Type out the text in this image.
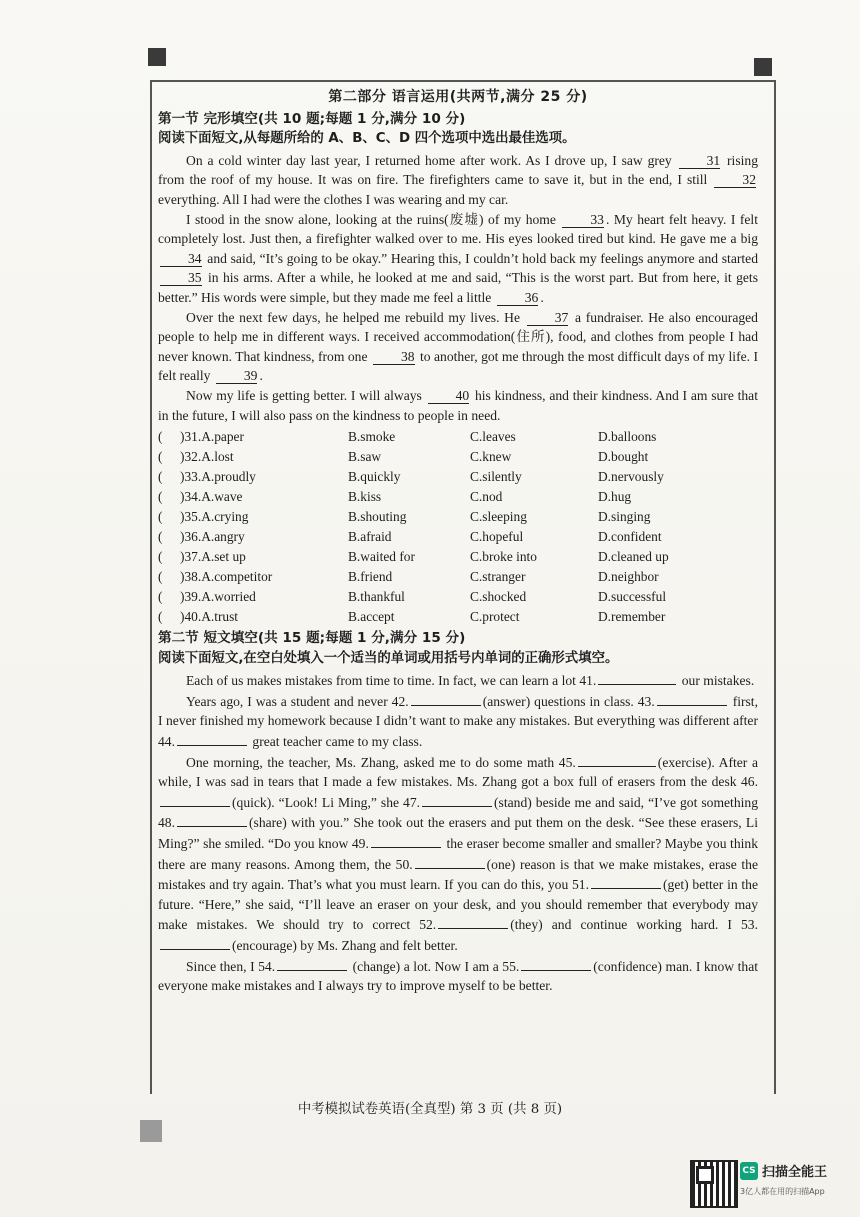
第二部分 语言运用(共两节,满分 25 分)
第一节 完形填空(共 10 题;每题 1 分,满分 10 分)
阅读下面短文,从每题所给的 A、B、C、D 四个选项中选出最佳选项。

On a cold winter day last year, I returned home after work. As I drove up, I saw grey 31 rising from the roof of my house. It was on fire. The firefighters came to save it, but in the end, I still 32 everything. All I had were the clothes I was wearing and my car.

I stood in the snow alone, looking at the ruins(废墟) of my home 33 . My heart felt heavy. I felt completely lost. Just then, a firefighter walked over to me. His eyes looked tired but kind. He gave me a big 34 and said, “It’s going to be okay.” Hearing this, I couldn’t hold back my feelings anymore and started 35 in his arms. After a while, he looked at me and said, “This is the worst part. But from here, it gets better.” His words were simple, but they made me feel a little 36 .

Over the next few days, he helped me rebuild my lives. He 37 a fundraiser. He also encouraged people to help me in different ways. I received accommodation(住所), food, and clothes from people I had never known. That kindness, from one 38 to another, got me through the most difficult days of my life. I felt really 39 .

Now my life is getting better. I will always 40 his kindness, and their kindness. And I am sure that in the future, I will also pass on the kindness to people in need.

(	)31.A.paper	B.smoke	C.leaves	D.balloons
(	)32.A.lost	B.saw	C.knew	D.bought
(	)33.A.proudly	B.quickly	C.silently	D.nervously
(	)34.A.wave	B.kiss	C.nod	D.hug
(	)35.A.crying	B.shouting	C.sleeping	D.singing
(	)36.A.angry	B.afraid	C.hopeful	D.confident
(	)37.A.set up	B.waited for	C.broke into	D.cleaned up
(	)38.A.competitor	B.friend	C.stranger	D.neighbor
(	)39.A.worried	B.thankful	C.shocked	D.successful
(	)40.A.trust	B.accept	C.protect	D.remember
第二节 短文填空(共 15 题;每题 1 分,满分 15 分)
阅读下面短文,在空白处填入一个适当的单词或用括号内单词的正确形式填空。

Each of us makes mistakes from time to time. In fact, we can learn a lot 41.	our mistakes.

Years ago, I was a student and never 42.	(answer) questions in class. 43.	first, I never finished my homework because I didn’t want to make any mistakes. But everything was different after 44.	great teacher came to my class.

One morning, the teacher, Ms. Zhang, asked me to do some math 45.	(exercise). After a while, I was sad in tears that I made a few mistakes. Ms. Zhang got a box full of erasers from the desk 46.(quick). “Look! Li Ming,” she 47.	(stand) beside me and said, “I’ve got something 48.	(share) with you.” She took out the erasers and put them on the desk. “See these erasers, Li Ming?” she smiled. “Do you know 49.	the eraser become smaller and smaller? Maybe you think there are many reasons. Among them, the 50.	(one) reason is that we make mistakes, erase the mistakes and try again. That’s what you must learn. If you can do this, you 51.	(get) better in the future. “Here,” she said, “I’ll leave an eraser on your desk, and you should remember that everybody may make mistakes. We should try to correct 52.	(they) and continue working hard. I 53.(encourage) by Ms. Zhang and felt better.

Since then, I 54.	(change) a lot. Now I am a 55.	(confidence) man. I know that everyone make mistakes and I always try to improve myself to be better.

中考模拟试卷英语(全真型) 第 3 页 (共 8 页)
CS 扫描全能王
3亿人都在用的扫描App
